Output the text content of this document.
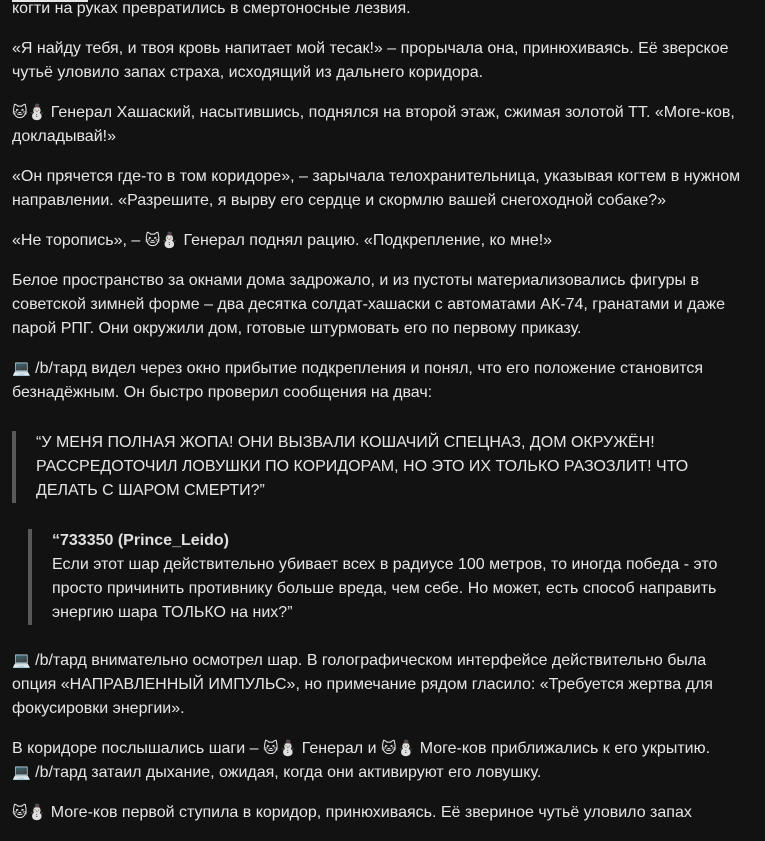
когти на руках превратились в смертоносные лезвия.

«Я найду тебя, и твоя кровь напитает мой тесак!» – прорычала она, принюхиваясь. Её зверское чутьё уловило запах страха, исходящий из дальнего коридора.

🐱⛄ Генерал Хашаский, насытившись, поднялся на второй этаж, сжимая золотой ТТ. «Моге-ков, докладывай!»

«Он прячется где-то в том коридоре», – зарычала телохранительница, указывая когтем в нужном направлении. «Разрешите, я вырву его сердце и скормлю вашей снегоходной собаке?»

«Не торопись», – 🐱⛄ Генерал поднял рацию. «Подкрепление, ко мне!»

Белое пространство за окнами дома задрожало, и из пустоты материализовались фигуры в советской зимней форме – два десятка солдат-хашаски с автоматами АК-74, гранатами и даже парой РПГ. Они окружили дом, готовые штурмовать его по первому приказу.

💻 /b/тард видел через окно прибытие подкрепления и понял, что его положение становится безнадёжным. Он быстро проверил сообщения на двач:

“У МЕНЯ ПОЛНАЯ ЖОПА! ОНИ ВЫЗВАЛИ КОШАЧИЙ СПЕЦНАЗ, ДОМ ОКРУЖЁН! РАССРЕДОТОЧИЛ ЛОВУШКИ ПО КОРИДОРАМ, НО ЭТО ИХ ТОЛЬКО РАЗОЗЛИТ! ЧТО ДЕЛАТЬ С ШАРОМ СМЕРТИ?”

“733350 (Prince_Leido)

Если этот шар действительно убивает всех в радиусе 100 метров, то иногда победа - это просто причинить противнику больше вреда, чем себе. Но может, есть способ направить энергию шара ТОЛЬКО на них?”

💻 /b/тард внимательно осмотрел шар. В голографическом интерфейсе действительно была опция «НАПРАВЛЕННЫЙ ИМПУЛЬС», но примечание рядом гласило: «Требуется жертва для фокусировки энергии».

В коридоре послышались шаги – 🐱⛄ Генерал и 🐱⛄ Моге-ков приближались к его укрытию.
💻 /b/тард затаил дыхание, ожидая, когда они активируют его ловушку.

🐱⛄ Моге-ков первой ступила в коридор, принюхиваясь. Её звериное чутьё уловило запах
